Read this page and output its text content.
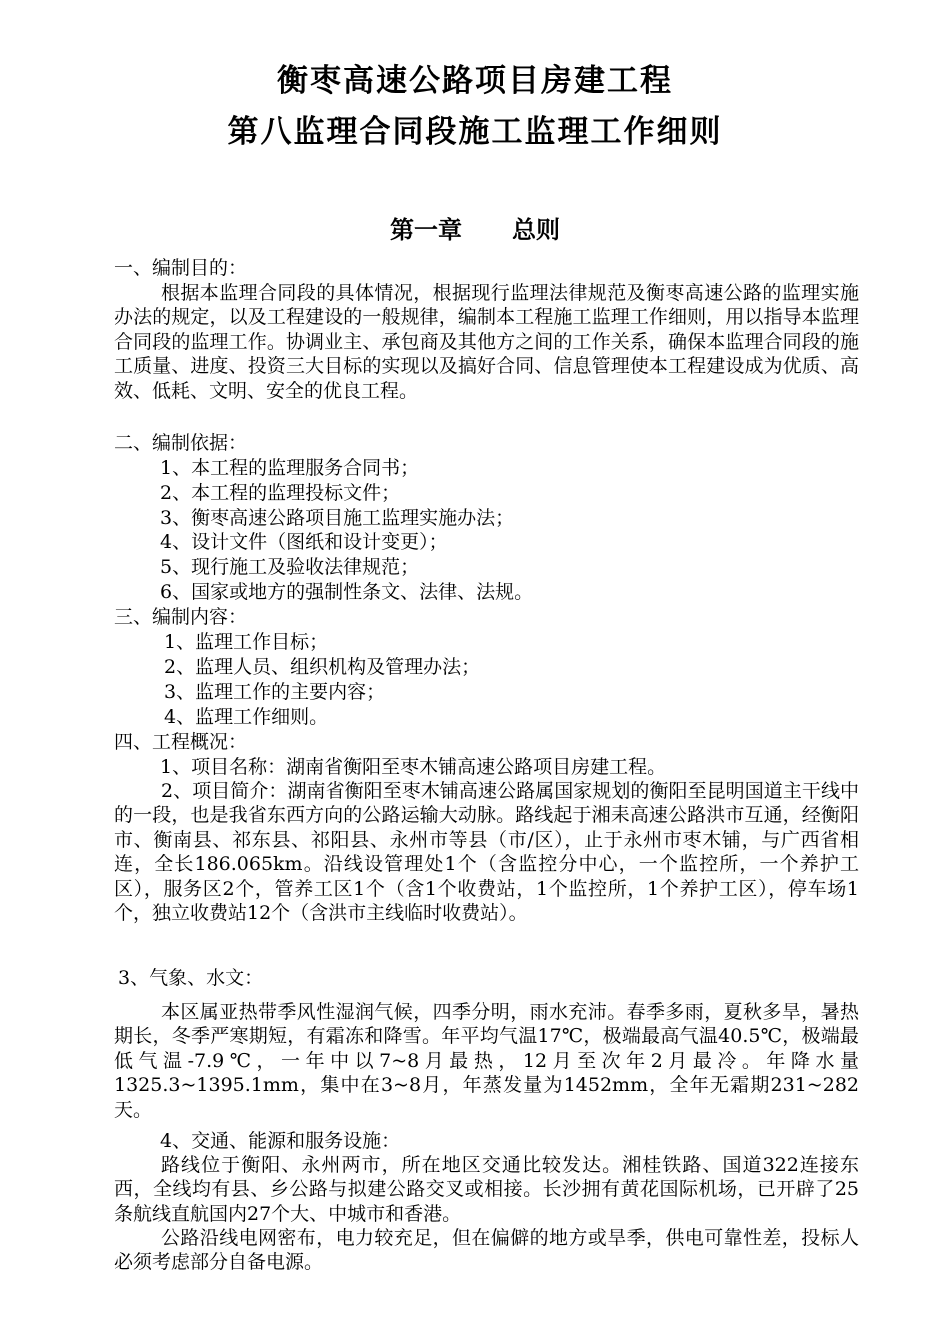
衡枣高速公路项目房建工程
第八监理合同段施工监理工作细则
第一章 总则
一、编制目的：

根据本监理合同段的具体情况，根据现行监理法律规范及衡枣高速公路的监理实施办法的规定，以及工程建设的一般规律，编制本工程施工监理工作细则，用以指导本监理合同段的监理工作。协调业主、承包商及其他方之间的工作关系，确保本监理合同段的施工质量、进度、投资三大目标的实现以及搞好合同、信息管理使本工程建设成为优质、高效、低耗、文明、安全的优良工程。

二、编制依据：
1、本工程的监理服务合同书；
2、本工程的监理投标文件；
3、衡枣高速公路项目施工监理实施办法；
4、设计文件（图纸和设计变更）；
5、现行施工及验收法律规范；
6、国家或地方的强制性条文、法律、法规。
三、编制内容：
1、监理工作目标；
2、监理人员、组织机构及管理办法；
3、监理工作的主要内容；
4、监理工作细则。
四、工程概况：
1、项目名称：湖南省衡阳至枣木铺高速公路项目房建工程。

2、项目简介：湖南省衡阳至枣木铺高速公路属国家规划的衡阳至昆明国道主干线中的一段，也是我省东西方向的公路运输大动脉。路线起于湘耒高速公路洪市互通，经衡阳市、衡南县、祁东县、祁阳县、永州市等县（市/区），止于永州市枣木铺，与广西省相连，全长186.065km。沿线设管理处1个（含监控分中心，一个监控所，一个养护工区），服务区2个，管养工区1个（含1个收费站，1个监控所，1个养护工区），停车场1个，独立收费站12个（含洪市主线临时收费站）。

3、气象、水文：

本区属亚热带季风性湿润气候，四季分明，雨水充沛。春季多雨，夏秋多旱，暑热期长，冬季严寒期短，有霜冻和降雪。年平均气温17℃，极端最高气温40.5℃，极端最低气温-7.9℃，一年中以7~8月最热，12月至次年2月最冷。年降水量1325.3~1395.1mm，集中在3~8月，年蒸发量为1452mm，全年无霜期231~282天。

4、交通、能源和服务设施：

路线位于衡阳、永州两市，所在地区交通比较发达。湘桂铁路、国道322连接东西，全线均有县、乡公路与拟建公路交叉或相接。长沙拥有黄花国际机场，已开辟了25条航线直航国内27个大、中城市和香港。

公路沿线电网密布，电力较充足，但在偏僻的地方或旱季，供电可靠性差，投标人必须考虑部分自备电源。
